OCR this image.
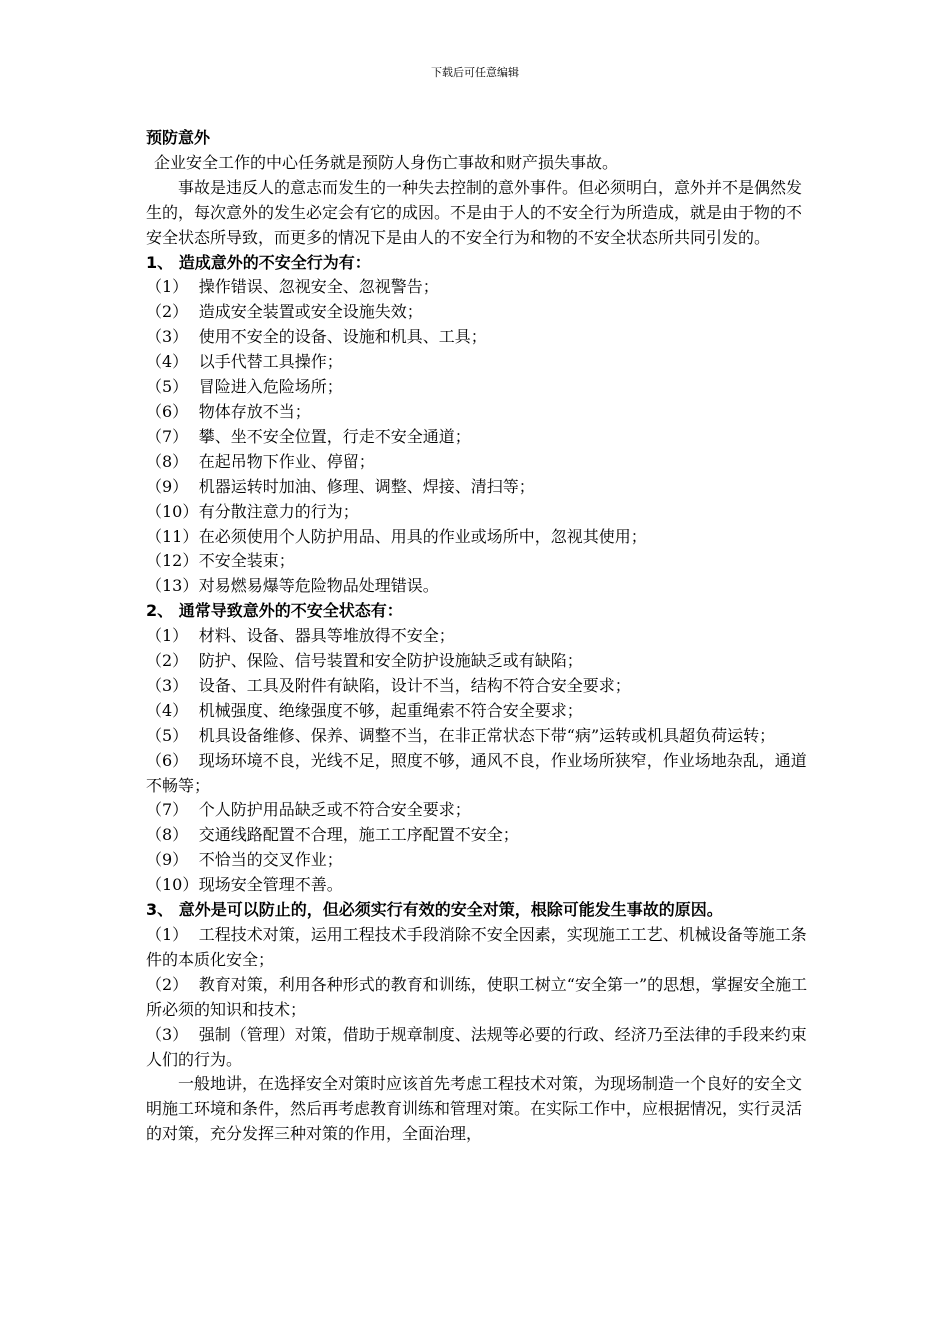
下载后可任意编辑
预防意外

企业安全工作的中心任务就是预防人身伤亡事故和财产损失事故。

事故是违反人的意志而发生的一种失去控制的意外事件。但必须明白，意外并不是偶然发生的，每次意外的发生必定会有它的成因。不是由于人的不安全行为所造成，就是由于物的不安全状态所导致，而更多的情况下是由人的不安全行为和物的不安全状态所共同引发的。

1、 造成意外的不安全行为有：

（1） 操作错误、忽视安全、忽视警告；

（2） 造成安全装置或安全设施失效；

（3） 使用不安全的设备、设施和机具、工具；

（4） 以手代替工具操作；

（5） 冒险进入危险场所；

（6） 物体存放不当；

（7） 攀、坐不安全位置，行走不安全通道；

（8） 在起吊物下作业、停留；

（9） 机器运转时加油、修理、调整、焊接、清扫等；

（10）有分散注意力的行为；

（11）在必须使用个人防护用品、用具的作业或场所中，忽视其使用；

（12）不安全装束；

（13）对易燃易爆等危险物品处理错误。

2、 通常导致意外的不安全状态有：

（1） 材料、设备、器具等堆放得不安全；

（2） 防护、保险、信号装置和安全防护设施缺乏或有缺陷；

（3） 设备、工具及附件有缺陷，设计不当，结构不符合安全要求；

（4） 机械强度、绝缘强度不够，起重绳索不符合安全要求；

（5） 机具设备维修、保养、调整不当，在非正常状态下带“病”运转或机具超负荷运转；

（6） 现场环境不良，光线不足，照度不够，通风不良，作业场所狭窄，作业场地杂乱，通道不畅等；

（7） 个人防护用品缺乏或不符合安全要求；

（8） 交通线路配置不合理，施工工序配置不安全；

（9） 不恰当的交叉作业；

（10）现场安全管理不善。

3、 意外是可以防止的，但必须实行有效的安全对策，根除可能发生事故的原因。

（1） 工程技术对策，运用工程技术手段消除不安全因素，实现施工工艺、机械设备等施工条件的本质化安全；

（2） 教育对策，利用各种形式的教育和训练，使职工树立“安全第一”的思想，掌握安全施工所必须的知识和技术；

（3） 强制（管理）对策，借助于规章制度、法规等必要的行政、经济乃至法律的手段来约束人们的行为。

一般地讲，在选择安全对策时应该首先考虑工程技术对策，为现场制造一个良好的安全文明施工环境和条件，然后再考虑教育训练和管理对策。在实际工作中，应根据情况，实行灵活的对策，充分发挥三种对策的作用，全面治理，
